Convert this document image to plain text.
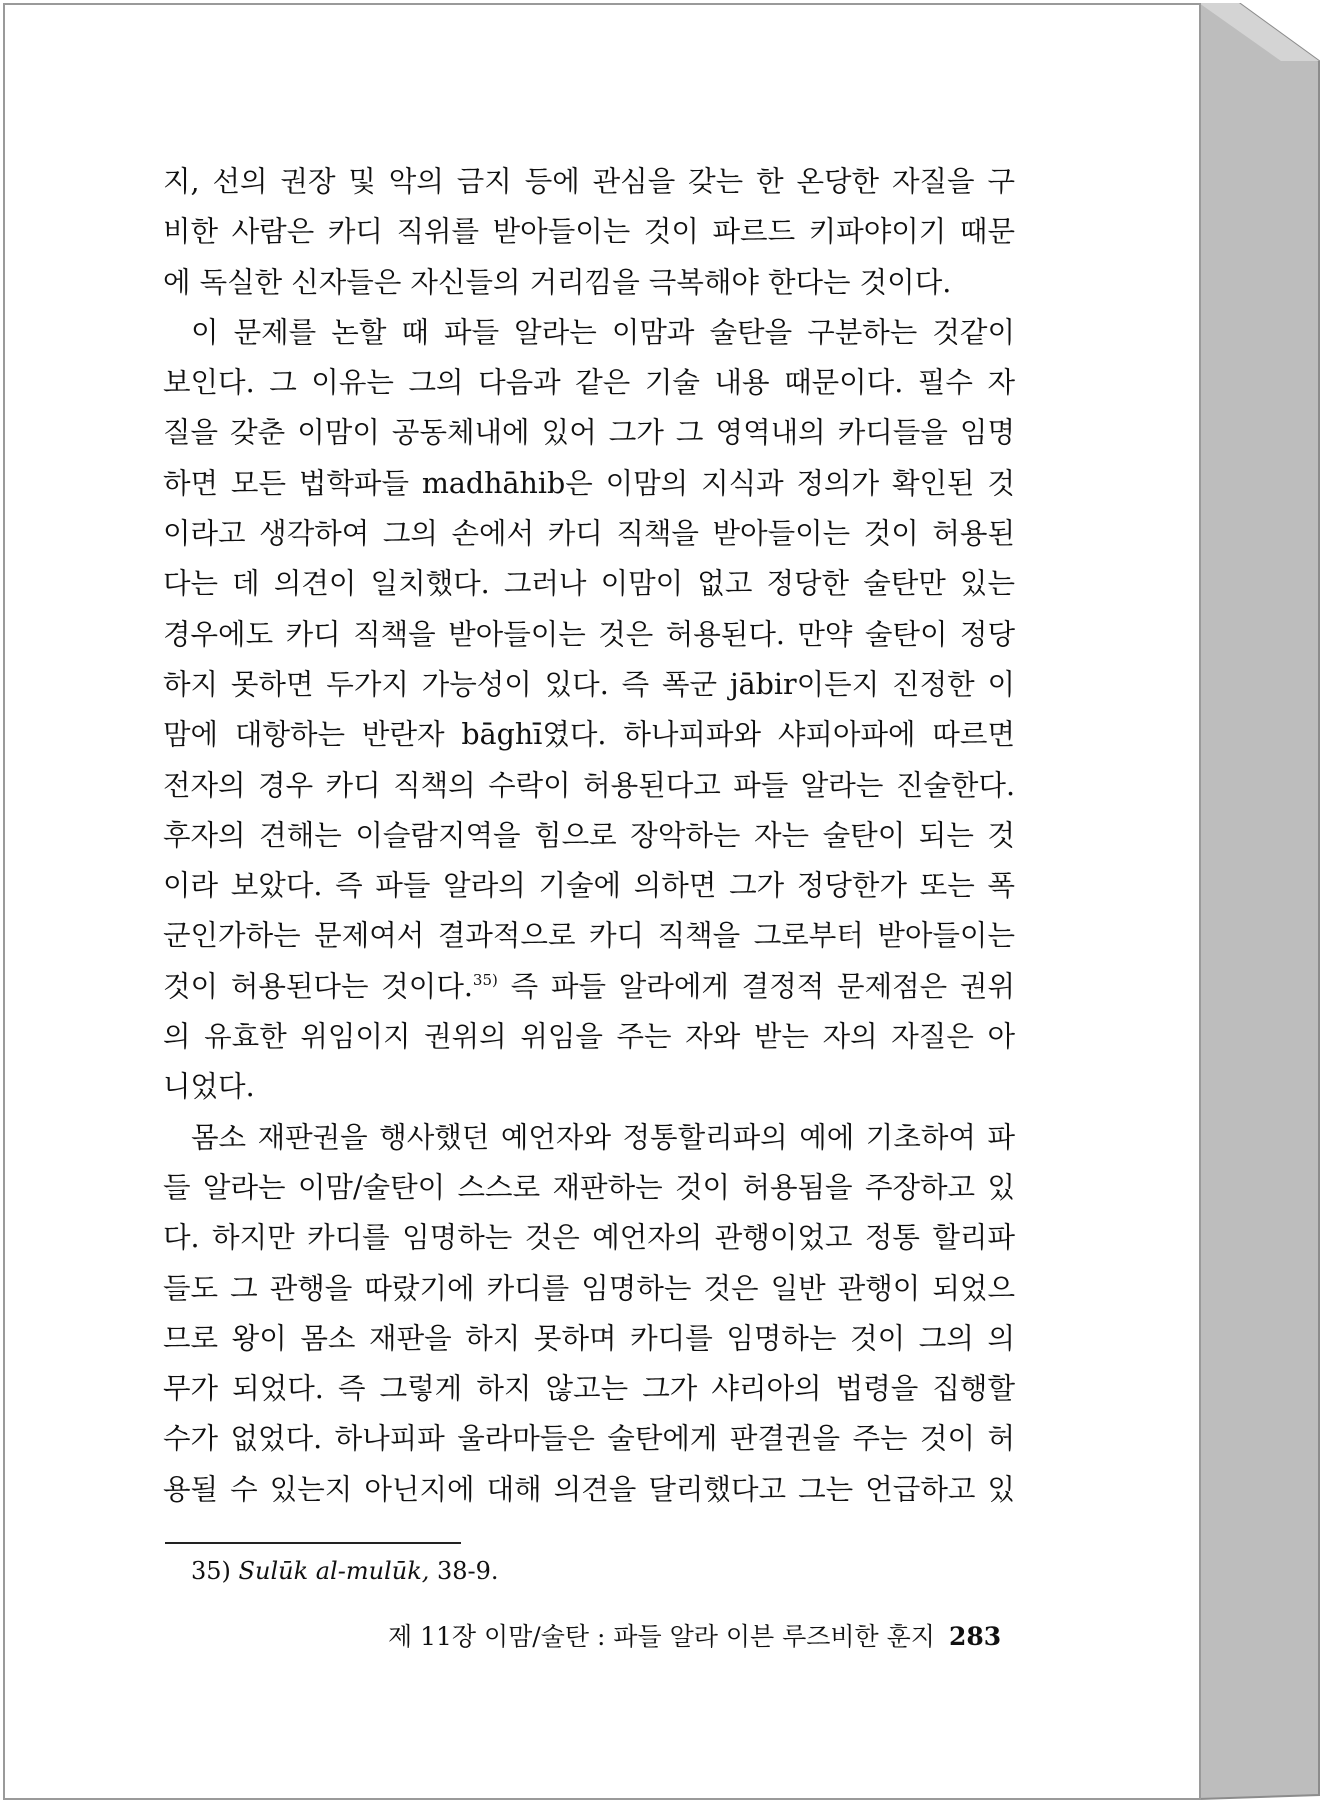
지, 선의 권장 및 악의 금지 등에 관심을 갖는 한 온당한 자질을 구

비한 사람은 카디 직위를 받아들이는 것이 파르드 키파야이기 때문

에 독실한 신자들은 자신들의 거리낌을 극복해야 한다는 것이다.

이 문제를 논할 때 파들 알라는 이맘과 술탄을 구분하는 것같이

보인다. 그 이유는 그의 다음과 같은 기술 내용 때문이다. 필수 자

질을 갖춘 이맘이 공동체내에 있어 그가 그 영역내의 카디들을 임명

하면 모든 법학파들 madhāhib은 이맘의 지식과 정의가 확인된 것

이라고 생각하여 그의 손에서 카디 직책을 받아들이는 것이 허용된

다는 데 의견이 일치했다. 그러나 이맘이 없고 정당한 술탄만 있는

경우에도 카디 직책을 받아들이는 것은 허용된다. 만약 술탄이 정당

하지 못하면 두가지 가능성이 있다. 즉 폭군 jābir이든지 진정한 이

맘에 대항하는 반란자 bāghī였다. 하나피파와 샤피아파에 따르면

전자의 경우 카디 직책의 수락이 허용된다고 파들 알라는 진술한다.

후자의 견해는 이슬람지역을 힘으로 장악하는 자는 술탄이 되는 것

이라 보았다. 즉 파들 알라의 기술에 의하면 그가 정당한가 또는 폭

군인가하는 문제여서 결과적으로 카디 직책을 그로부터 받아들이는

것이 허용된다는 것이다.$^{35)}$ 즉 파들 알라에게 결정적 문제점은 권위

의 유효한 위임이지 권위의 위임을 주는 자와 받는 자의 자질은 아

니었다.

몸소 재판권을 행사했던 예언자와 정통할리파의 예에 기초하여 파

들 알라는 이맘/술탄이 스스로 재판하는 것이 허용됨을 주장하고 있

다. 하지만 카디를 임명하는 것은 예언자의 관행이었고 정통 할리파

들도 그 관행을 따랐기에 카디를 임명하는 것은 일반 관행이 되었으

므로 왕이 몸소 재판을 하지 못하며 카디를 임명하는 것이 그의 의

무가 되었다. 즉 그렇게 하지 않고는 그가 샤리아의 법령을 집행할

수가 없었다. 하나피파 울라마들은 술탄에게 판결권을 주는 것이 허

용될 수 있는지 아닌지에 대해 의견을 달리했다고 그는 언급하고 있

35) Sulūk al-mulūk, 38-9.
제 11장 이맘/술탄 : 파들 알라 이븐 루즈비한 훈지 283
